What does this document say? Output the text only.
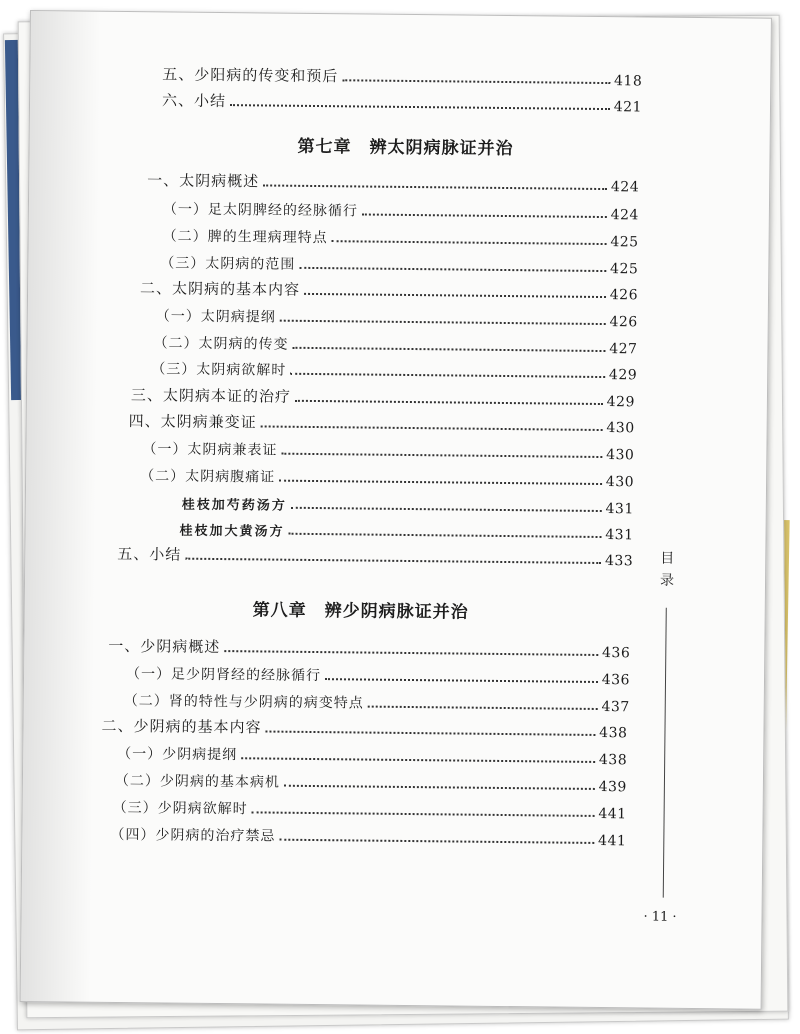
五、少阳病的传变和预后	418
六、小结	421
第七章　辨太阴病脉证并治
一、太阴病概述	424
（一）足太阴脾经的经脉循行	424
（二）脾的生理病理特点	425
（三）太阴病的范围	425
二、太阴病的基本内容	426
（一）太阴病提纲	426
（二）太阴病的传变	427
（三）太阴病欲解时	429
三、太阴病本证的治疗	429
四、太阴病兼变证	430
（一）太阴病兼表证	430
（二）太阴病腹痛证	430
桂枝加芍药汤方	431
桂枝加大黄汤方	431
五、小结	433
第八章　辨少阴病脉证并治
一、少阴病概述	436
（一）足少阴肾经的经脉循行	436
（二）肾的特性与少阴病的病变特点	437
二、少阴病的基本内容	438
（一）少阴病提纲	438
（二）少阴病的基本病机	439
（三）少阴病欲解时	441
（四）少阴病的治疗禁忌	441
目
录
· 11 ·
